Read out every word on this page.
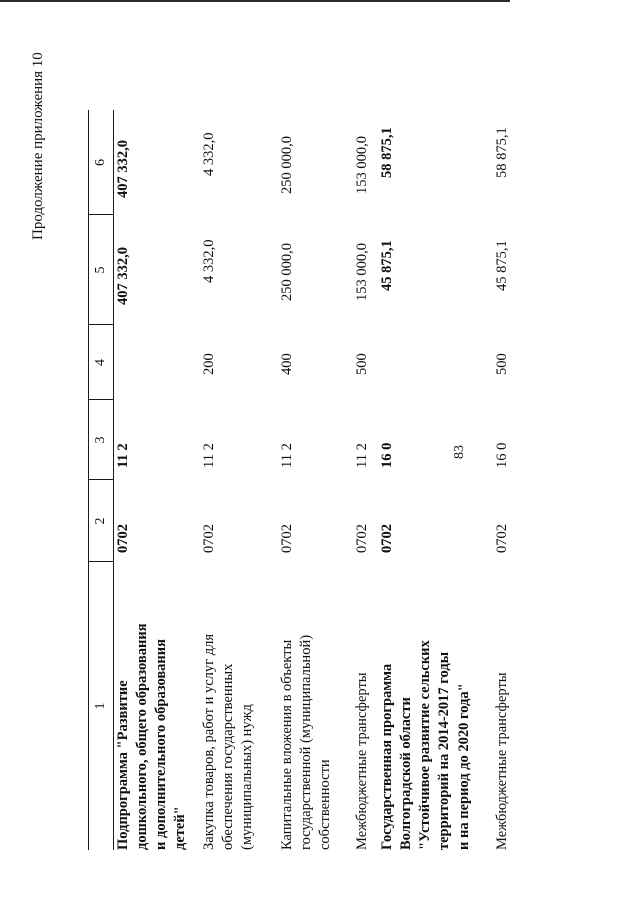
83
Продолжение приложения 10
1
2
3
4
5
6
Подпрограмма "Развитие дошкольного, общего образования и дополнительного образования детей"
0702
11 2
407 332,0
407 332,0
Закупка товаров, работ и услуг для обеспечения государственных (муниципальных) нужд
0702
11 2
200
4 332,0
4 332,0
Капитальные вложения в объекты государственной (муниципальной) собственности
0702
11 2
400
250 000,0
250 000,0
Межбюджетные трансферты
0702
11 2
500
153 000,0
153 000,0
Государственная программа Волгоградской области "Устойчивое развитие сельских территорий на 2014-2017 годы и на период до 2020 года"
0702
16 0
45 875,1
58 875,1
Межбюджетные трансферты
0702
16 0
500
45 875,1
58 875,1
